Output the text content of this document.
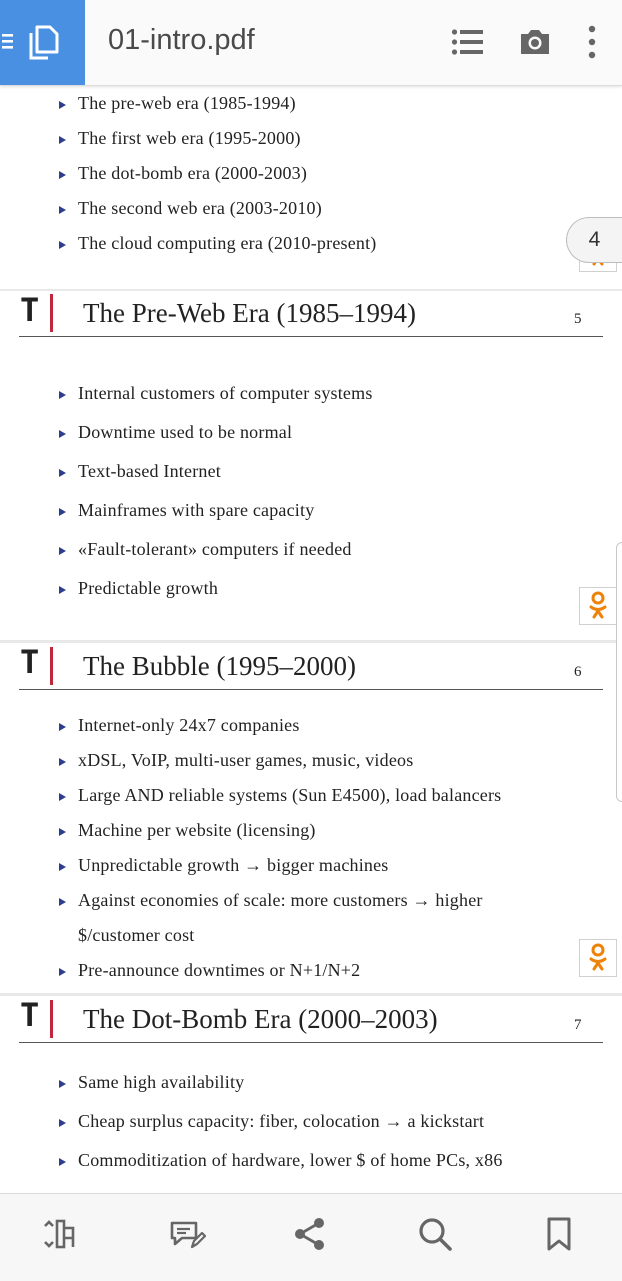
01-intro.pdf
The pre-web era (1985-1994)
The first web era (1995-2000)
The dot-bomb era (2000-2003)
The second web era (2003-2010)
The cloud computing era (2010-present)
T The Pre-Web Era (1985–1994)	5
Internal customers of computer systems
Downtime used to be normal
Text-based Internet
Mainframes with spare capacity
«Fault-tolerant» computers if needed
Predictable growth
T The Bubble (1995–2000)	6
Internet-only 24x7 companies
xDSL, VoIP, multi-user games, music, videos
Large AND reliable systems (Sun E4500), load balancers
Machine per website (licensing)
Unpredictable growth → bigger machines
Against economies of scale: more customers → higher
$/customer cost
Pre-announce downtimes or N+1/N+2
T The Dot-Bomb Era (2000–2003)	7
Same high availability
Cheap surplus capacity: fiber, colocation → a kickstart
Commoditization of hardware, lower $ of home PCs, x86
4
